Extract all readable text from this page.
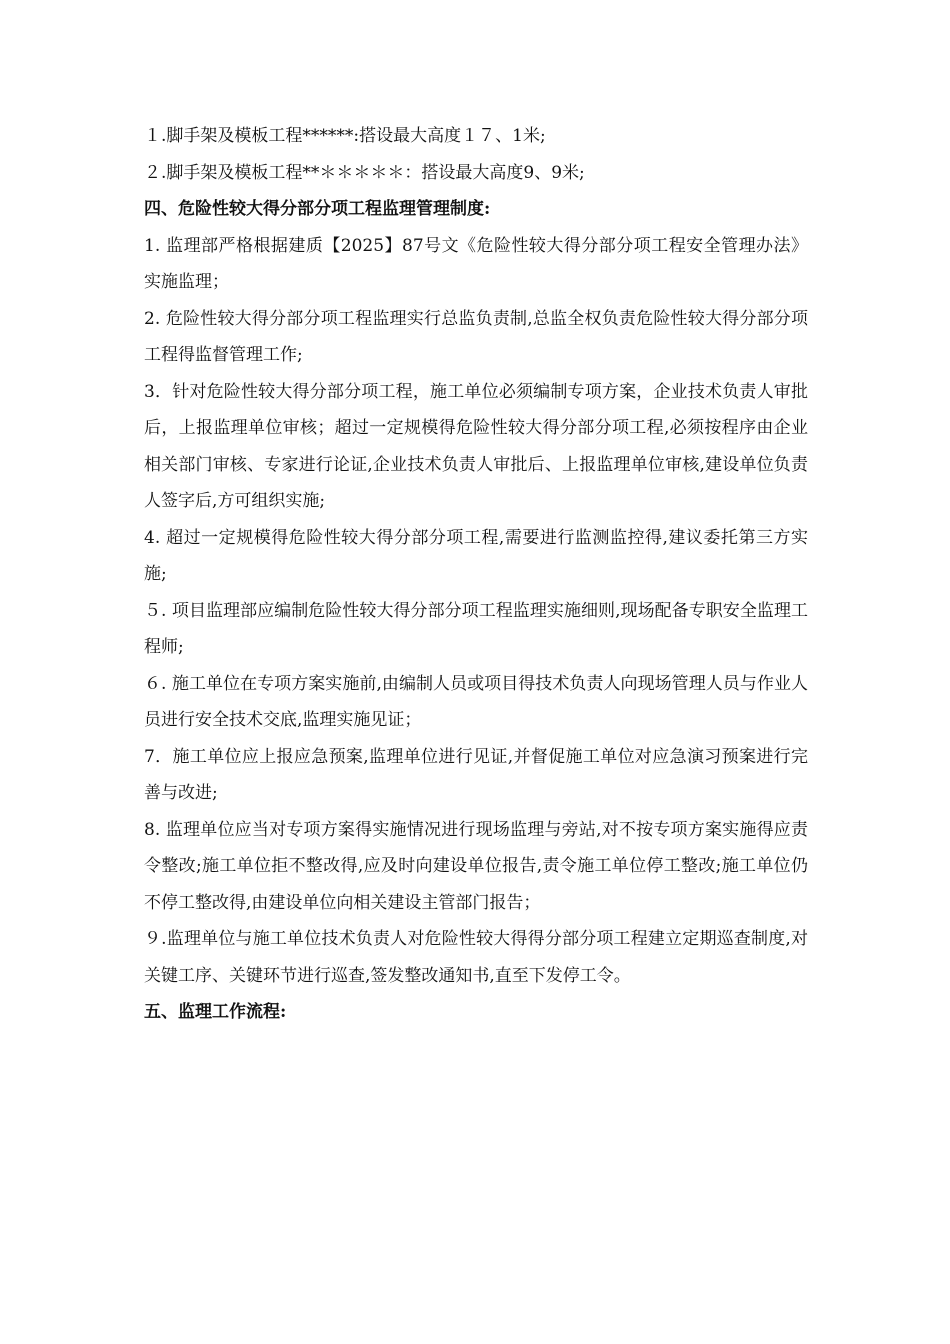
１.脚手架及模板工程******:搭设最大高度１７、1米;

２.脚手架及模板工程**＊＊＊＊＊：搭设最大高度9、9米;

四、危险性较大得分部分项工程监理管理制度:

1. 监理部严格根据建质【2025】87号文《危险性较大得分部分项工程安全管理办法》实施监理；

2. 危险性较大得分部分项工程监理实行总监负责制,总监全权负责危险性较大得分部分项工程得监督管理工作;

3．针对危险性较大得分部分项工程，施工单位必须编制专项方案，企业技术负责人审批后，上报监理单位审核；超过一定规模得危险性较大得分部分项工程,必须按程序由企业相关部门审核、专家进行论证,企业技术负责人审批后、上报监理单位审核,建设单位负责人签字后,方可组织实施;

4. 超过一定规模得危险性较大得分部分项工程,需要进行监测监控得,建议委托第三方实施;

５. 项目监理部应编制危险性较大得分部分项工程监理实施细则,现场配备专职安全监理工程师;

６. 施工单位在专项方案实施前,由编制人员或项目得技术负责人向现场管理人员与作业人员进行安全技术交底,监理实施见证；

7．施工单位应上报应急预案,监理单位进行见证,并督促施工单位对应急演习预案进行完善与改进;

8. 监理单位应当对专项方案得实施情况进行现场监理与旁站,对不按专项方案实施得应责令整改;施工单位拒不整改得,应及时向建设单位报告,责令施工单位停工整改;施工单位仍不停工整改得,由建设单位向相关建设主管部门报告；

９.监理单位与施工单位技术负责人对危险性较大得得分部分项工程建立定期巡查制度,对关键工序、关键环节进行巡查,签发整改通知书,直至下发停工令。

五、监理工作流程:
